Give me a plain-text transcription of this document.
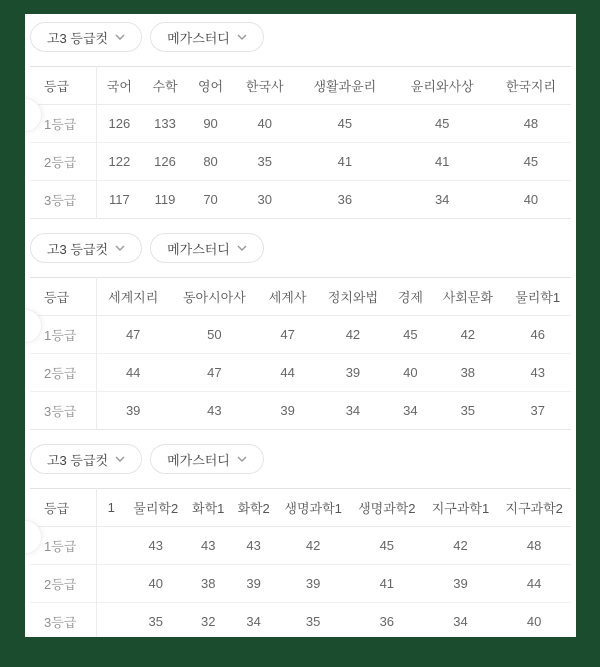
고3 등급컷	메가스터디
등급	국어	수학	영어	한국사	생활과윤리	윤리와사상	한국지리
1등급	126	133	90	40	45	45	48
2등급	122	126	80	35	41	41	45
3등급	117	119	70	30	36	34	40
고3 등급컷	메가스터디
등급	세계지리	동아시아사	세계사	정치와법	경제	사회문화	물리학1
1등급	47	50	47	42	45	42	46
2등급	44	47	44	39	40	38	43
3등급	39	43	39	34	34	35	37
고3 등급컷	메가스터디
등급	1	물리학2	화학1	화학2	생명과학1	생명과학2	지구과학1	지구과학2
1등급		43	43	43	42	45	42	48
2등급		40	38	39	39	41	39	44
3등급		35	32	34	35	36	34	40
